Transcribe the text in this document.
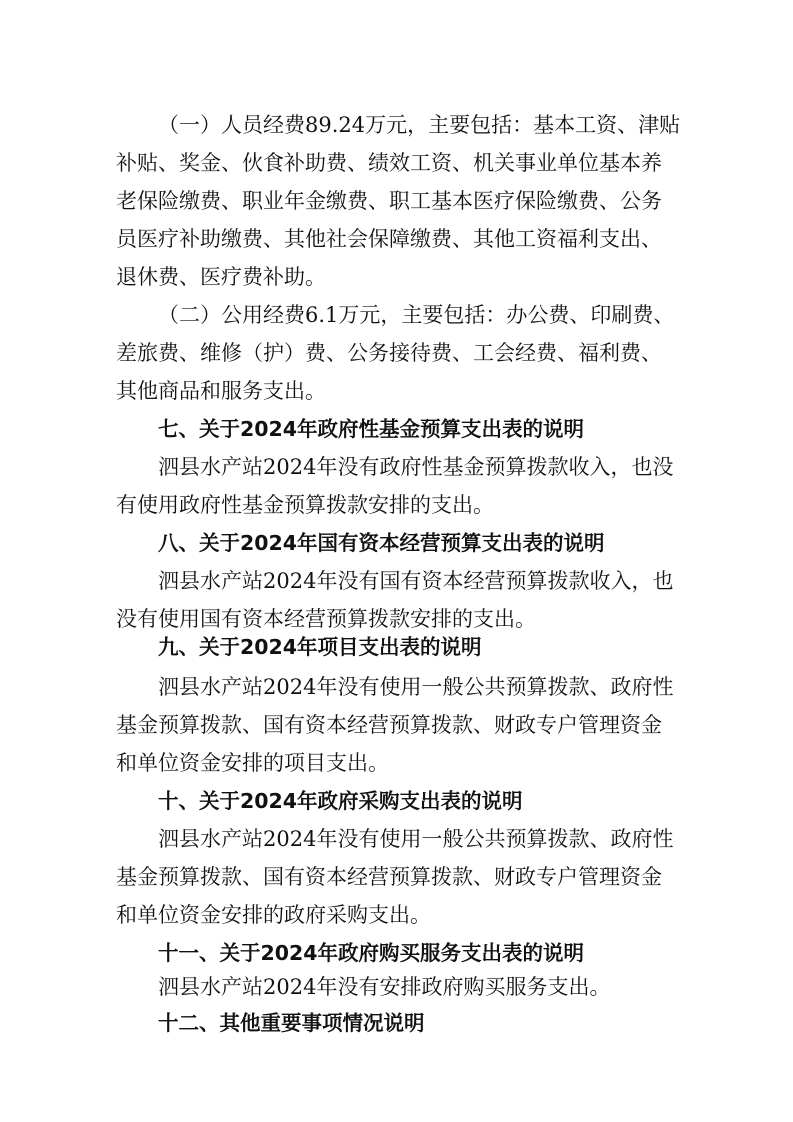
（一）人员经费89.24万元，主要包括：基本工资、津贴
补贴、奖金、伙食补助费、绩效工资、机关事业单位基本养
老保险缴费、职业年金缴费、职工基本医疗保险缴费、公务
员医疗补助缴费、其他社会保障缴费、其他工资福利支出、
退休费、医疗费补助。
（二）公用经费6.1万元，主要包括：办公费、印刷费、
差旅费、维修（护）费、公务接待费、工会经费、福利费、
其他商品和服务支出。
七、关于2024年政府性基金预算支出表的说明
泗县水产站2024年没有政府性基金预算拨款收入，也没
有使用政府性基金预算拨款安排的支出。
八、关于2024年国有资本经营预算支出表的说明
泗县水产站2024年没有国有资本经营预算拨款收入，也
没有使用国有资本经营预算拨款安排的支出。
九、关于2024年项目支出表的说明
泗县水产站2024年没有使用一般公共预算拨款、政府性
基金预算拨款、国有资本经营预算拨款、财政专户管理资金
和单位资金安排的项目支出。
十、关于2024年政府采购支出表的说明
泗县水产站2024年没有使用一般公共预算拨款、政府性
基金预算拨款、国有资本经营预算拨款、财政专户管理资金
和单位资金安排的政府采购支出。
十一、关于2024年政府购买服务支出表的说明
泗县水产站2024年没有安排政府购买服务支出。
十二、其他重要事项情况说明
